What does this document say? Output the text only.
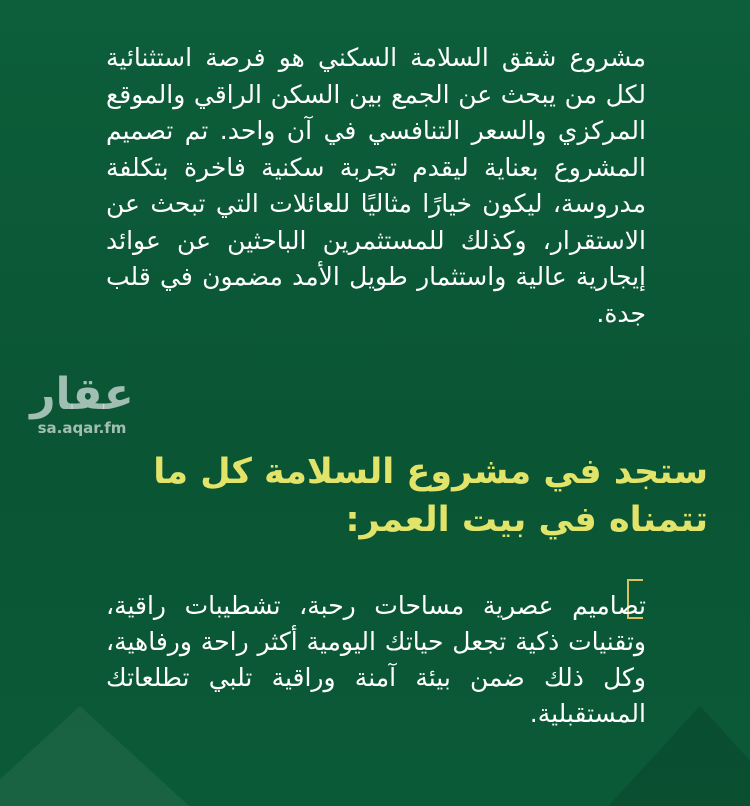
مشروع شقق السلامة السكني هو فرصة استثنائية لكل من يبحث عن الجمع بين السكن الراقي والموقع المركزي والسعر التنافسي في آن واحد. تم تصميم المشروع بعناية ليقدم تجربة سكنية فاخرة بتكلفة مدروسة، ليكون خيارًا مثاليًا للعائلات التي تبحث عن الاستقرار، وكذلك للمستثمرين الباحثين عن عوائد إيجارية عالية واستثمار طويل الأمد مضمون في قلب جدة.

عقار
sa.aqar.fm
ستجد في مشروع السلامة كل ما تتمناه في بيت العمر:

تصاميم عصرية مساحات رحبة، تشطيبات راقية، وتقنيات ذكية تجعل حياتك اليومية أكثر راحة ورفاهية، وكل ذلك ضمن بيئة آمنة وراقية تلبي تطلعاتك المستقبلية.
